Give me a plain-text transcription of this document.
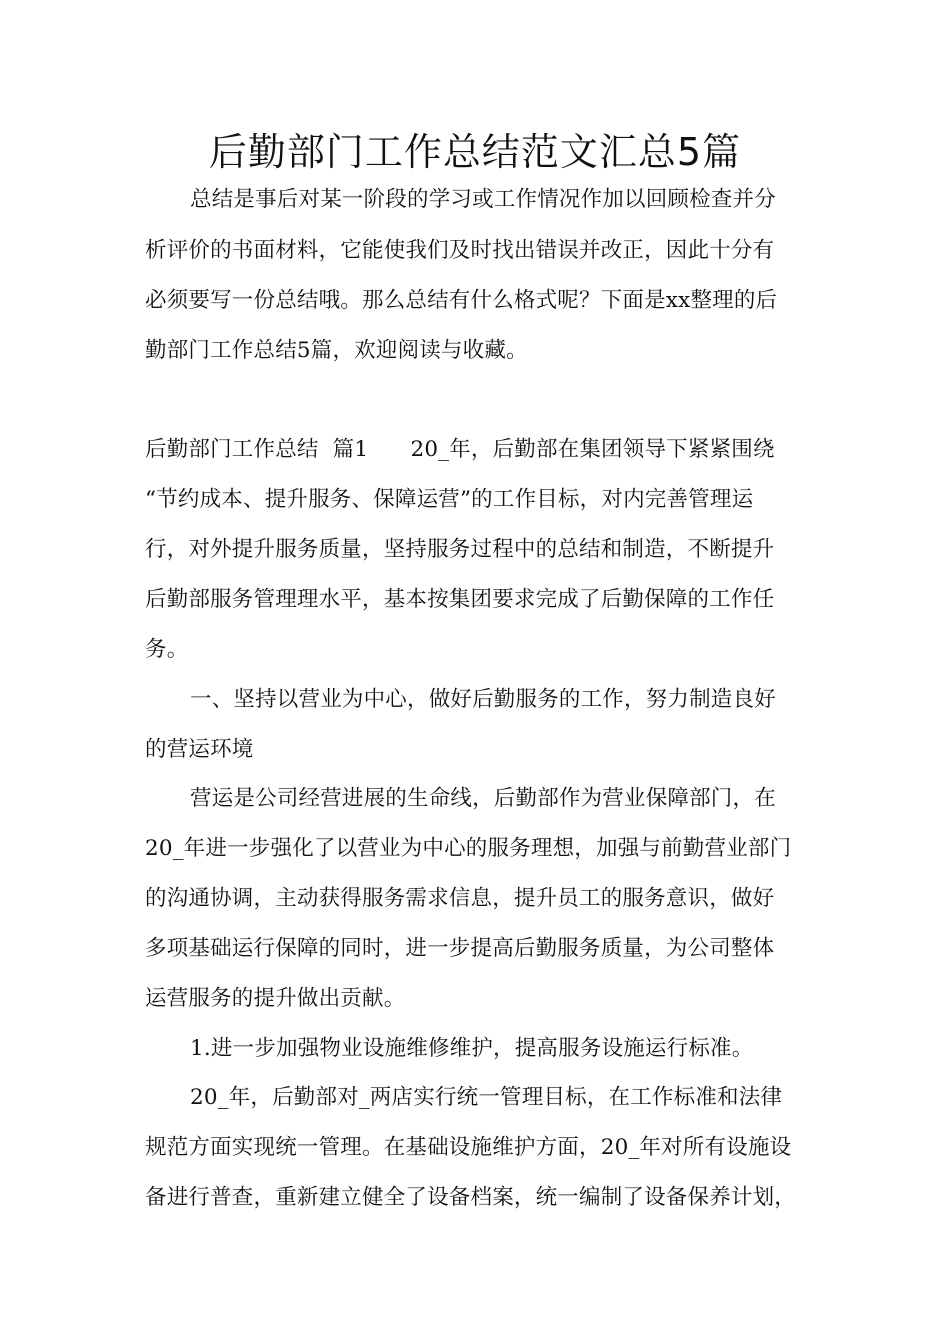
后勤部门工作总结范文汇总5篇
总结是事后对某一阶段的学习或工作情况作加以回顾检查并分
析评价的书面材料，它能使我们及时找出错误并改正，因此十分有
必须要写一份总结哦。那么总结有什么格式呢？下面是xx整理的后
勤部门工作总结5篇，欢迎阅读与收藏。
后勤部门工作总结  篇1      20_年，后勤部在集团领导下紧紧围绕
“节约成本、提升服务、保障运营”的工作目标，对内完善管理运
行，对外提升服务质量，坚持服务过程中的总结和制造，不断提升
后勤部服务管理理水平，基本按集团要求完成了后勤保障的工作任
务。
一、坚持以营业为中心，做好后勤服务的工作，努力制造良好
的营运环境
营运是公司经营进展的生命线，后勤部作为营业保障部门，在
20_年进一步强化了以营业为中心的服务理想，加强与前勤营业部门
的沟通协调，主动获得服务需求信息，提升员工的服务意识，做好
多项基础运行保障的同时，进一步提高后勤服务质量，为公司整体
运营服务的提升做出贡献。
1.进一步加强物业设施维修维护，提高服务设施运行标准。
20_年，后勤部对_两店实行统一管理目标，在工作标准和法律
规范方面实现统一管理。在基础设施维护方面，20_年对所有设施设
备进行普查，重新建立健全了设备档案，统一编制了设备保养计划，
